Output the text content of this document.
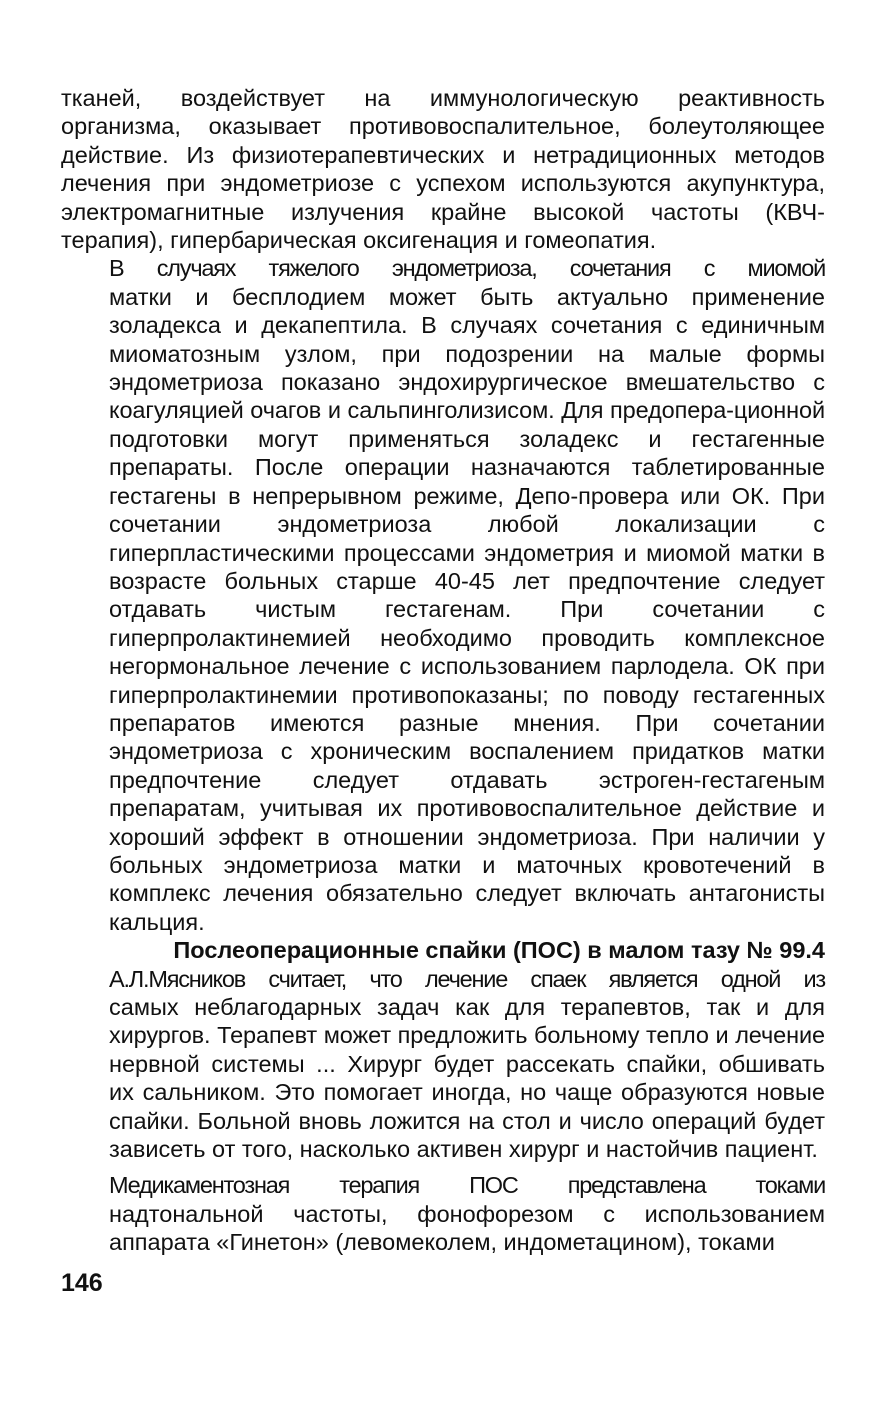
тканей, воздействует на иммунологическую реактивность
организма, оказывает противовоспалительное, болеутоляющее
действие. Из физиотерапевтических и нетрадиционных методов
лечения при эндометриозе с успехом используются акупунктура,
электромагнитные излучения крайне высокой частоты (КВЧ-
терапия), гипербарическая оксигенация и гомеопатия.
В случаях тяжелого эндометриоза, сочетания с миомой
матки и бесплодием может быть актуально применение
золадекса и декапептила. В случаях сочетания с единичным
миоматозным узлом, при подозрении на малые формы
эндометриоза показано эндохирургическое вмешательство с
коагуляцией очагов и сальпинголизисом. Для предопера-ционной
подготовки могут применяться золадекс и гестагенные
препараты. После операции назначаются таблетированные
гестагены в непрерывном режиме, Депо-провера или ОК. При
сочетании эндометриоза любой локализации с
гиперпластическими процессами эндометрия и миомой матки в
возрасте больных старше 40-45 лет предпочтение следует
отдавать чистым гестагенам. При сочетании с
гиперпролактинемией необходимо проводить комплексное
негормональное лечение с использованием парлодела. ОК при
гиперпролактинемии противопоказаны; по поводу гестагенных
препаратов имеются разные мнения. При сочетании
эндометриоза с хроническим воспалением придатков матки
предпочтение следует отдавать эстроген-гестагеным
препаратам, учитывая их противовоспалительное действие и
хороший эффект в отношении эндометриоза. При наличии у
больных эндометриоза матки и маточных кровотечений в
комплекс лечения обязательно следует включать антагонисты
кальция.
Послеоперационные спайки (ПОС) в малом тазу № 99.4
А.Л.Мясников считает, что лечение спаек является одной из
самых неблагодарных задач как для терапевтов, так и для
хирургов. Терапевт может предложить больному тепло и лечение
нервной системы ... Хирург будет рассекать спайки, обшивать
их сальником. Это помогает иногда, но чаще образуются новые
спайки. Больной вновь ложится на стол и число операций будет
зависеть от того, насколько активен хирург и настойчив пациент.
Медикаментозная терапия ПОС представлена токами
надтональной частоты, фонофорезом с использованием
аппарата «Гинетон» (левомеколем, индометацином), токами
146
